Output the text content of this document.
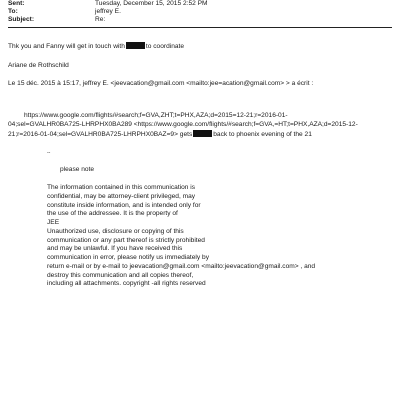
Sent:	Tuesday, December 15, 2015 2:52 PM
To:	jeffrey E.
Subject:	Re:
Thk you and Fanny will get in touch with	to coordinate
Ariane de Rothschild
Le 15 déc. 2015 à 15:17, jeffrey E. <jeevacation@gmail.com <mailto:jee=acation@gmail.com> > a écrit :
https://www.google.com/flights/#search;f=GVA,ZHT;t=PHX,AZA;d=2015=12-21;r=2016-01-
04;sel=GVALHR0BA725-LHRPHX0BA289 <https://www.google.com/flights/#search;f=GVA,=HT;t=PHX,AZA;d=2015-12-
21;r=2016-01-04;sel=GVALHR0BA725-LHRPHX0BAZ=9> gets	back to phoenix evening of the 21
--
please note
The information contained in this communication is
confidential, may be attorney-client privileged, may
constitute inside information, and is intended only for
the use of the addressee. It is the property of
JEE
Unauthorized use, disclosure or copying of this
communication or any part thereof is strictly prohibited
and may be unlawful. If you have received this
communication in error, please notify us immediately by
return e-mail or by e-mail to jeevacation@gmail.com <mailto:jeevacation@gmail.com> , and
destroy this communication and all copies thereof,
including all attachments. copyright -all rights reserved
